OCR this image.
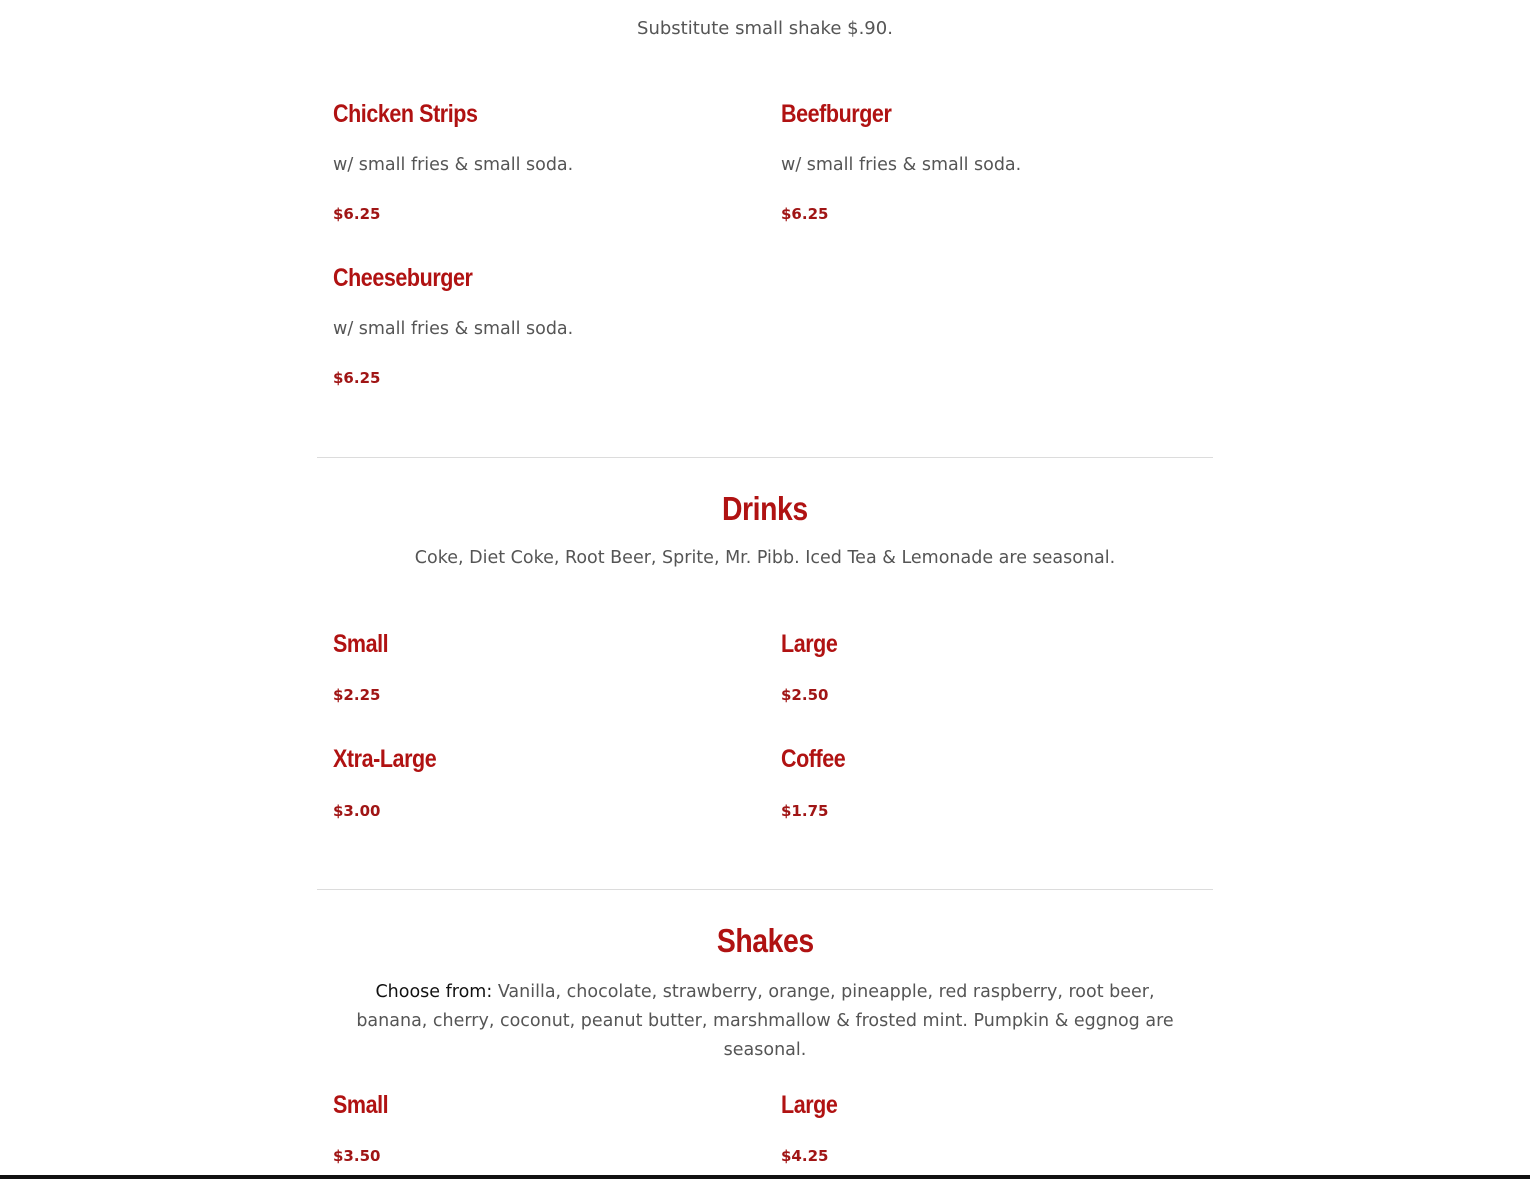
Substitute small shake $.90.
Chicken Strips
w/ small fries & small soda.
$6.25
Beefburger
w/ small fries & small soda.
$6.25
Cheeseburger
w/ small fries & small soda.
$6.25
Drinks
Coke, Diet Coke, Root Beer, Sprite, Mr. Pibb. Iced Tea & Lemonade are seasonal.
Small
$2.25
Large
$2.50
Xtra-Large
$3.00
Coffee
$1.75
Shakes
Choose from: Vanilla, chocolate, strawberry, orange, pineapple, red raspberry, root beer, banana, cherry, coconut, peanut butter, marshmallow & frosted mint. Pumpkin & eggnog are seasonal.
Small
$3.50
Large
$4.25
